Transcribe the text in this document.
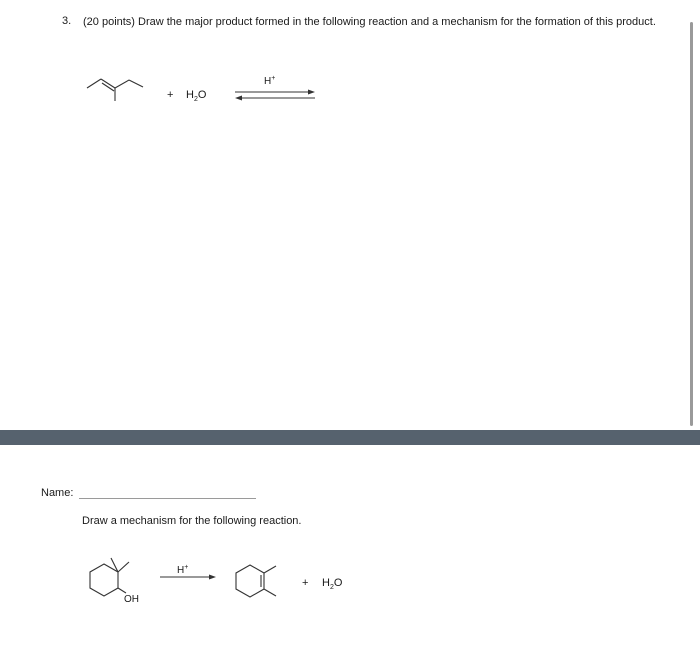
3. (20 points) Draw the major product formed in the following reaction and a mechanism for the formation of this product.
+ $H_2O$
H+
Name:
Draw a mechanism for the following reaction.
OH
H+
+ $H_2O$
